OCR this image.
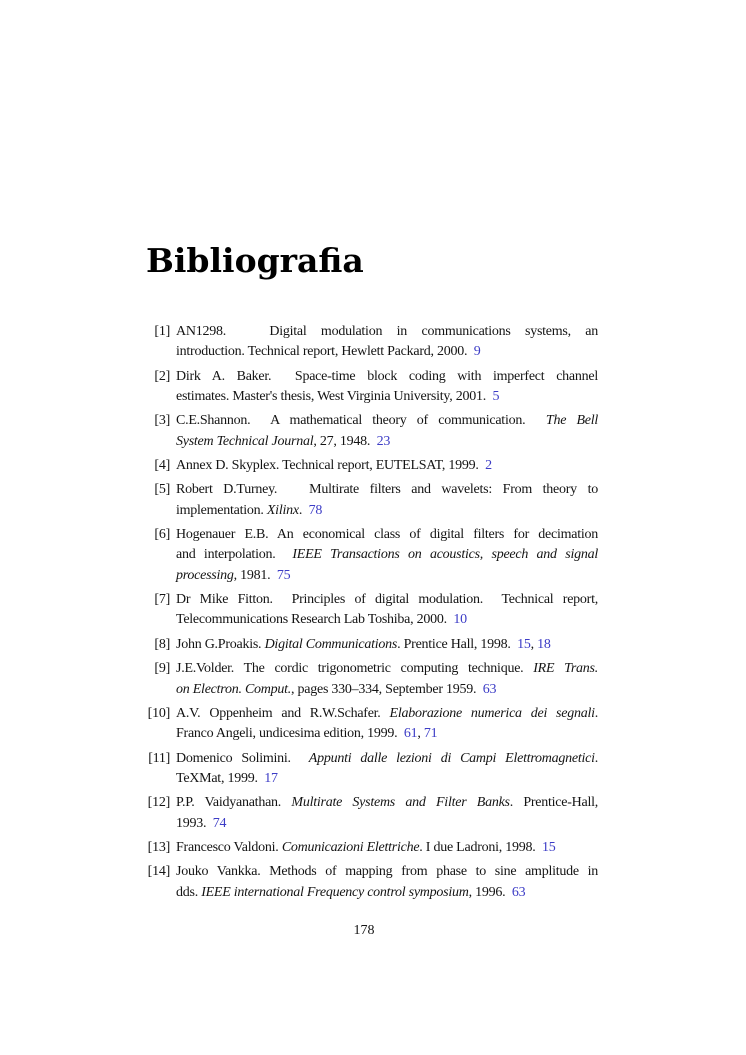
Bibliografia
[1] AN1298.   Digital modulation in communications systems, an
introduction. Technical report, Hewlett Packard, 2000.  9
[2] Dirk A. Baker.  Space-time block coding with imperfect channel
estimates. Master's thesis, West Virginia University, 2001.  5
[3] C.E.Shannon.  A mathematical theory of communication.  The Bell
System Technical Journal, 27, 1948.  23
[4] Annex D. Skyplex. Technical report, EUTELSAT, 1999.  2
[5] Robert D.Turney.   Multirate filters and wavelets: From theory to
implementation. Xilinx.  78
[6] Hogenauer E.B. An economical class of digital filters for decimation
and interpolation.  IEEE Transactions on acoustics, speech and signal
processing, 1981.  75
[7] Dr Mike Fitton.  Principles of digital modulation.  Technical report,
Telecommunications Research Lab Toshiba, 2000.  10
[8] John G.Proakis. Digital Communications. Prentice Hall, 1998.  15, 18
[9] J.E.Volder. The cordic trigonometric computing technique. IRE Trans.
on Electron. Comput., pages 330–334, September 1959.  63
[10] A.V. Oppenheim and R.W.Schafer. Elaborazione numerica dei segnali.
Franco Angeli, undicesima edition, 1999.  61, 71
[11] Domenico Solimini.  Appunti dalle lezioni di Campi Elettromagnetici.
TeXMat, 1999.  17
[12] P.P. Vaidyanathan. Multirate Systems and Filter Banks. Prentice-Hall,
1993.  74
[13] Francesco Valdoni. Comunicazioni Elettriche. I due Ladroni, 1998.  15
[14] Jouko Vankka. Methods of mapping from phase to sine amplitude in
dds. IEEE international Frequency control symposium, 1996.  63
178
